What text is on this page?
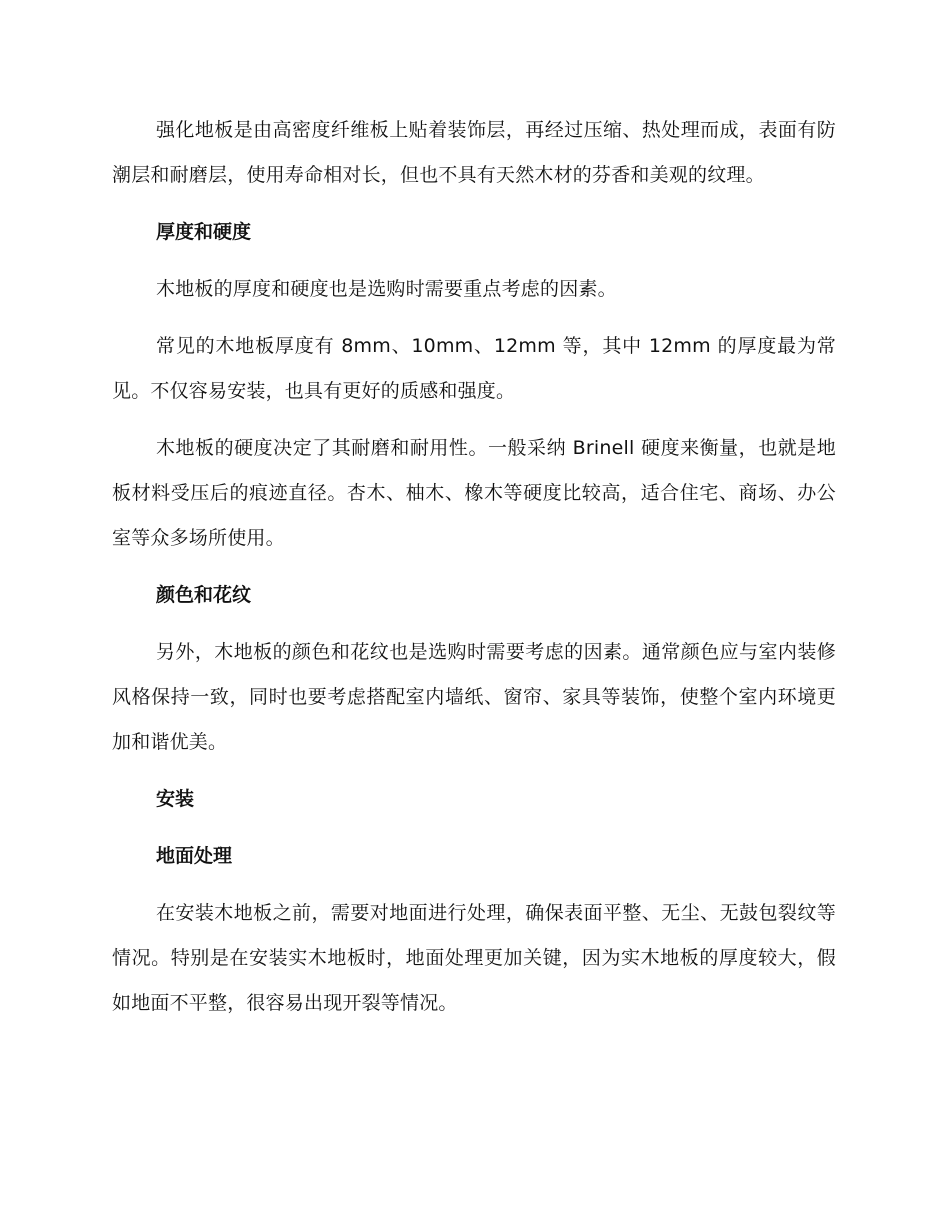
强化地板是由高密度纤维板上贴着装饰层，再经过压缩、热处理而成，表面有防潮层和耐磨层，使用寿命相对长，但也不具有天然木材的芬香和美观的纹理。

厚度和硬度

木地板的厚度和硬度也是选购时需要重点考虑的因素。

常见的木地板厚度有 8mm、10mm、12mm 等，其中 12mm 的厚度最为常见。不仅容易安装，也具有更好的质感和强度。

木地板的硬度决定了其耐磨和耐用性。一般采纳 Brinell 硬度来衡量，也就是地板材料受压后的痕迹直径。杏木、柚木、橡木等硬度比较高，适合住宅、商场、办公室等众多场所使用。

颜色和花纹

另外，木地板的颜色和花纹也是选购时需要考虑的因素。通常颜色应与室内装修风格保持一致，同时也要考虑搭配室内墙纸、窗帘、家具等装饰，使整个室内环境更加和谐优美。

安装
地面处理

在安装木地板之前，需要对地面进行处理，确保表面平整、无尘、无鼓包裂纹等情况。特别是在安装实木地板时，地面处理更加关键，因为实木地板的厚度较大，假如地面不平整，很容易出现开裂等情况。
